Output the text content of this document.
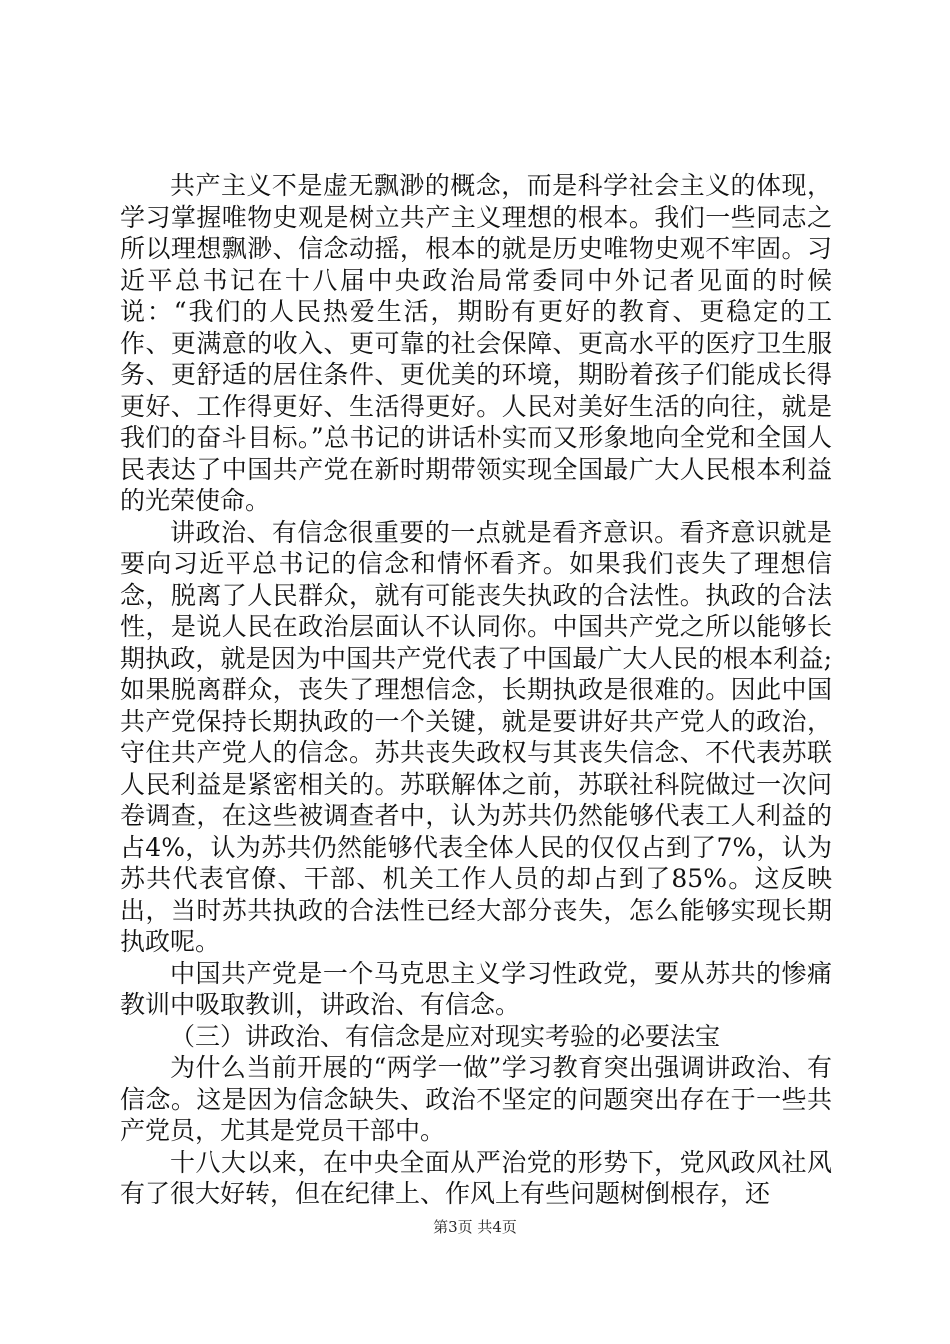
共产主义不是虚无飘渺的概念，而是科学社会主义的体现，学习掌握唯物史观是树立共产主义理想的根本。我们一些同志之所以理想飘渺、信念动摇，根本的就是历史唯物史观不牢固。习近平总书记在十八届中央政治局常委同中外记者见面的时候说：“我们的人民热爱生活，期盼有更好的教育、更稳定的工作、更满意的收入、更可靠的社会保障、更高水平的医疗卫生服务、更舒适的居住条件、更优美的环境，期盼着孩子们能成长得更好、工作得更好、生活得更好。人民对美好生活的向往，就是我们的奋斗目标。”总书记的讲话朴实而又形象地向全党和全国人民表达了中国共产党在新时期带领实现全国最广大人民根本利益的光荣使命。

讲政治、有信念很重要的一点就是看齐意识。看齐意识就是要向习近平总书记的信念和情怀看齐。如果我们丧失了理想信念，脱离了人民群众，就有可能丧失执政的合法性。执政的合法性，是说人民在政治层面认不认同你。中国共产党之所以能够长期执政，就是因为中国共产党代表了中国最广大人民的根本利益;如果脱离群众，丧失了理想信念，长期执政是很难的。因此中国共产党保持长期执政的一个关键，就是要讲好共产党人的政治，守住共产党人的信念。苏共丧失政权与其丧失信念、不代表苏联人民利益是紧密相关的。苏联解体之前，苏联社科院做过一次问卷调查，在这些被调查者中，认为苏共仍然能够代表工人利益的占4%，认为苏共仍然能够代表全体人民的仅仅占到了7%，认为苏共代表官僚、干部、机关工作人员的却占到了85%。这反映出，当时苏共执政的合法性已经大部分丧失，怎么能够实现长期执政呢。

中国共产党是一个马克思主义学习性政党，要从苏共的惨痛教训中吸取教训，讲政治、有信念。

（三）讲政治、有信念是应对现实考验的必要法宝

为什么当前开展的“两学一做”学习教育突出强调讲政治、有信念。这是因为信念缺失、政治不坚定的问题突出存在于一些共产党员，尤其是党员干部中。

十八大以来，在中央全面从严治党的形势下，党风政风社风有了很大好转，但在纪律上、作风上有些问题树倒根存，还

第3页 共4页
